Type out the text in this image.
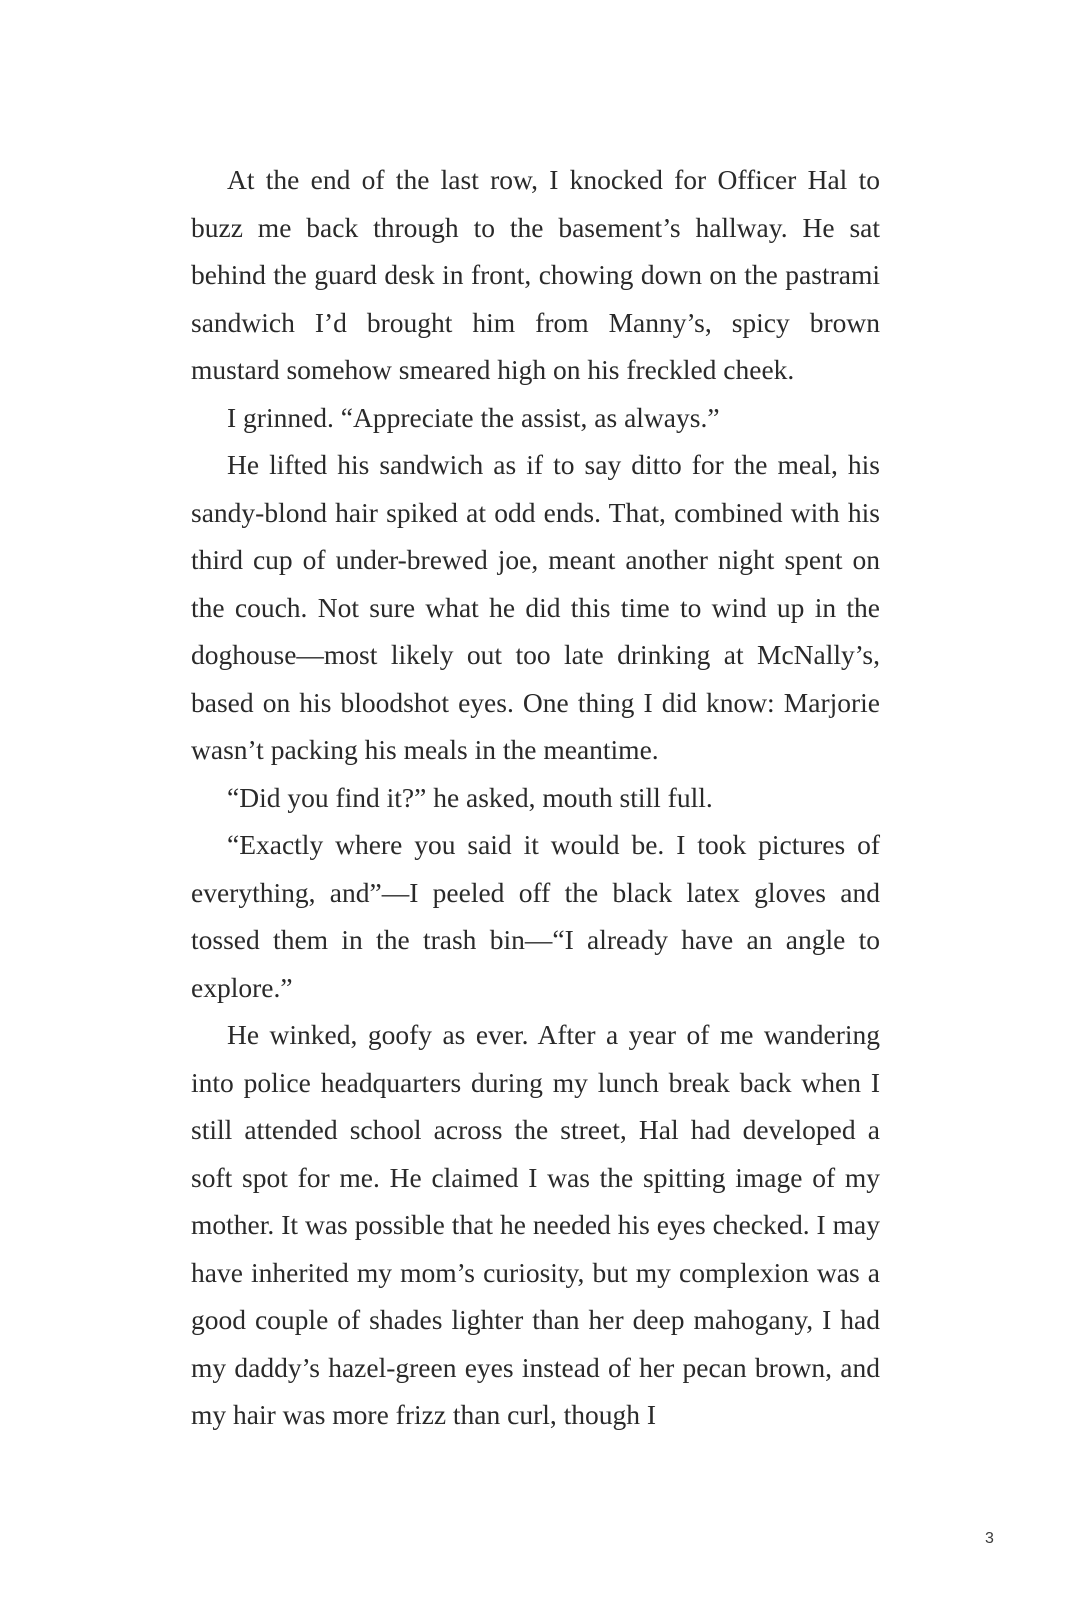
At the end of the last row, I knocked for Officer Hal to buzz me back through to the basement’s hallway. He sat behind the guard desk in front, chowing down on the pastrami sandwich I’d brought him from Manny’s, spicy brown mustard somehow smeared high on his freckled cheek.

I grinned. “Appreciate the assist, as always.”

He lifted his sandwich as if to say ditto for the meal, his sandy-blond hair spiked at odd ends. That, combined with his third cup of under-brewed joe, meant another night spent on the couch. Not sure what he did this time to wind up in the doghouse—most likely out too late drinking at McNally’s, based on his bloodshot eyes. One thing I did know: Marjorie wasn’t packing his meals in the meantime.

“Did you find it?” he asked, mouth still full.

“Exactly where you said it would be. I took pictures of everything, and”—I peeled off the black latex gloves and tossed them in the trash bin—“I already have an angle to explore.”

He winked, goofy as ever. After a year of me wandering into police headquarters during my lunch break back when I still attended school across the street, Hal had developed a soft spot for me. He claimed I was the spitting image of my mother. It was possible that he needed his eyes checked. I may have inherited my mom’s curiosity, but my complexion was a good couple of shades lighter than her deep mahogany, I had my daddy’s hazel-green eyes instead of her pecan brown, and my hair was more frizz than curl, though I

3
